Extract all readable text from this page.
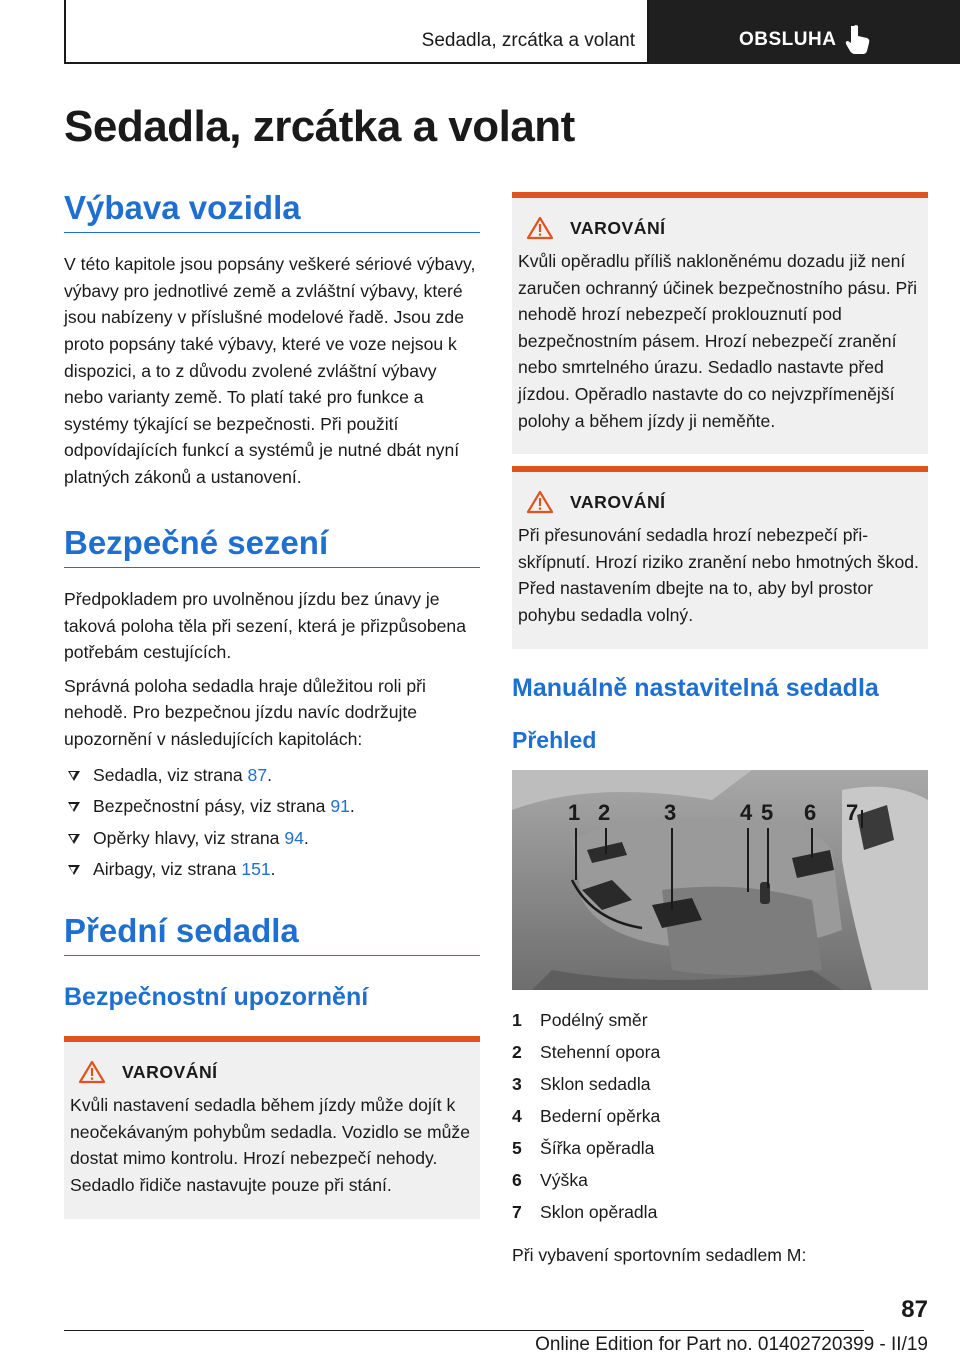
Sedadla, zrcátka a volant	OBSLUHA
Sedadla, zrcátka a volant
Výbava vozidla

V této kapitole jsou popsány veškeré sériové výbavy, výbavy pro jednotlivé země a zvláštní výbavy, které jsou nabízeny v příslušné modelové řadě. Jsou zde proto popsány také výbavy, které ve voze nejsou k dispozici, a to z důvodu zvolené zvláštní výbavy nebo varianty země. To platí také pro funkce a systémy týkající se bezpečnosti. Při použití odpovídajících funkcí a systémů je nutné dbát nyní platných zákonů a ustanovení.

Bezpečné sezení

Předpokladem pro uvolněnou jízdu bez únavy je taková poloha těla při sezení, která je přizpůsobena potřebám cestujících.

Správná poloha sedadla hraje důležitou roli při nehodě. Pro bezpečnou jízdu navíc dodržujte upozornění v následujících kapitolách:

Sedadla, viz strana 87.
Bezpečnostní pásy, viz strana 91.
Opěrky hlavy, viz strana 94.
Airbagy, viz strana 151.
Přední sedadla
Bezpečnostní upozornění
VAROVÁNÍ

Kvůli nastavení sedadla během jízdy může dojít k neočekávaným pohybům sedadla. Vozidlo se může dostat mimo kontrolu. Hrozí nebezpečí nehody. Sedadlo řidiče nastavujte pouze při stání.

VAROVÁNÍ

Kvůli opěradlu příliš nakloněnému dozadu již není zaručen ochranný účinek bezpečnostního pásu. Při nehodě hrozí nebezpečí proklouznutí pod bezpečnostním pásem. Hrozí nebezpečí zranění nebo smrtelného úrazu. Sedadlo nastavte před jízdou. Opěradlo nastavte do co nejvzpřímenější polohy a během jízdy ji neměňte.

VAROVÁNÍ

Při přesunování sedadla hrozí nebezpečí přiskřípnutí. Hrozí riziko zranění nebo hmotných škod. Před nastavením dbejte na to, aby byl prostor pohybu sedadla volný.

Manuálně nastavitelná sedadla
Přehled
1 2 3	4 5 6 7
1	Podélný směr
2	Stehenní opora
3	Sklon sedadla
4	Bederní opěrka
5	Šířka opěradla
6	Výška
7	Sklon opěradla

Při vybavení sportovním sedadlem M:

87
Online Edition for Part no. 01402720399 - II/19
